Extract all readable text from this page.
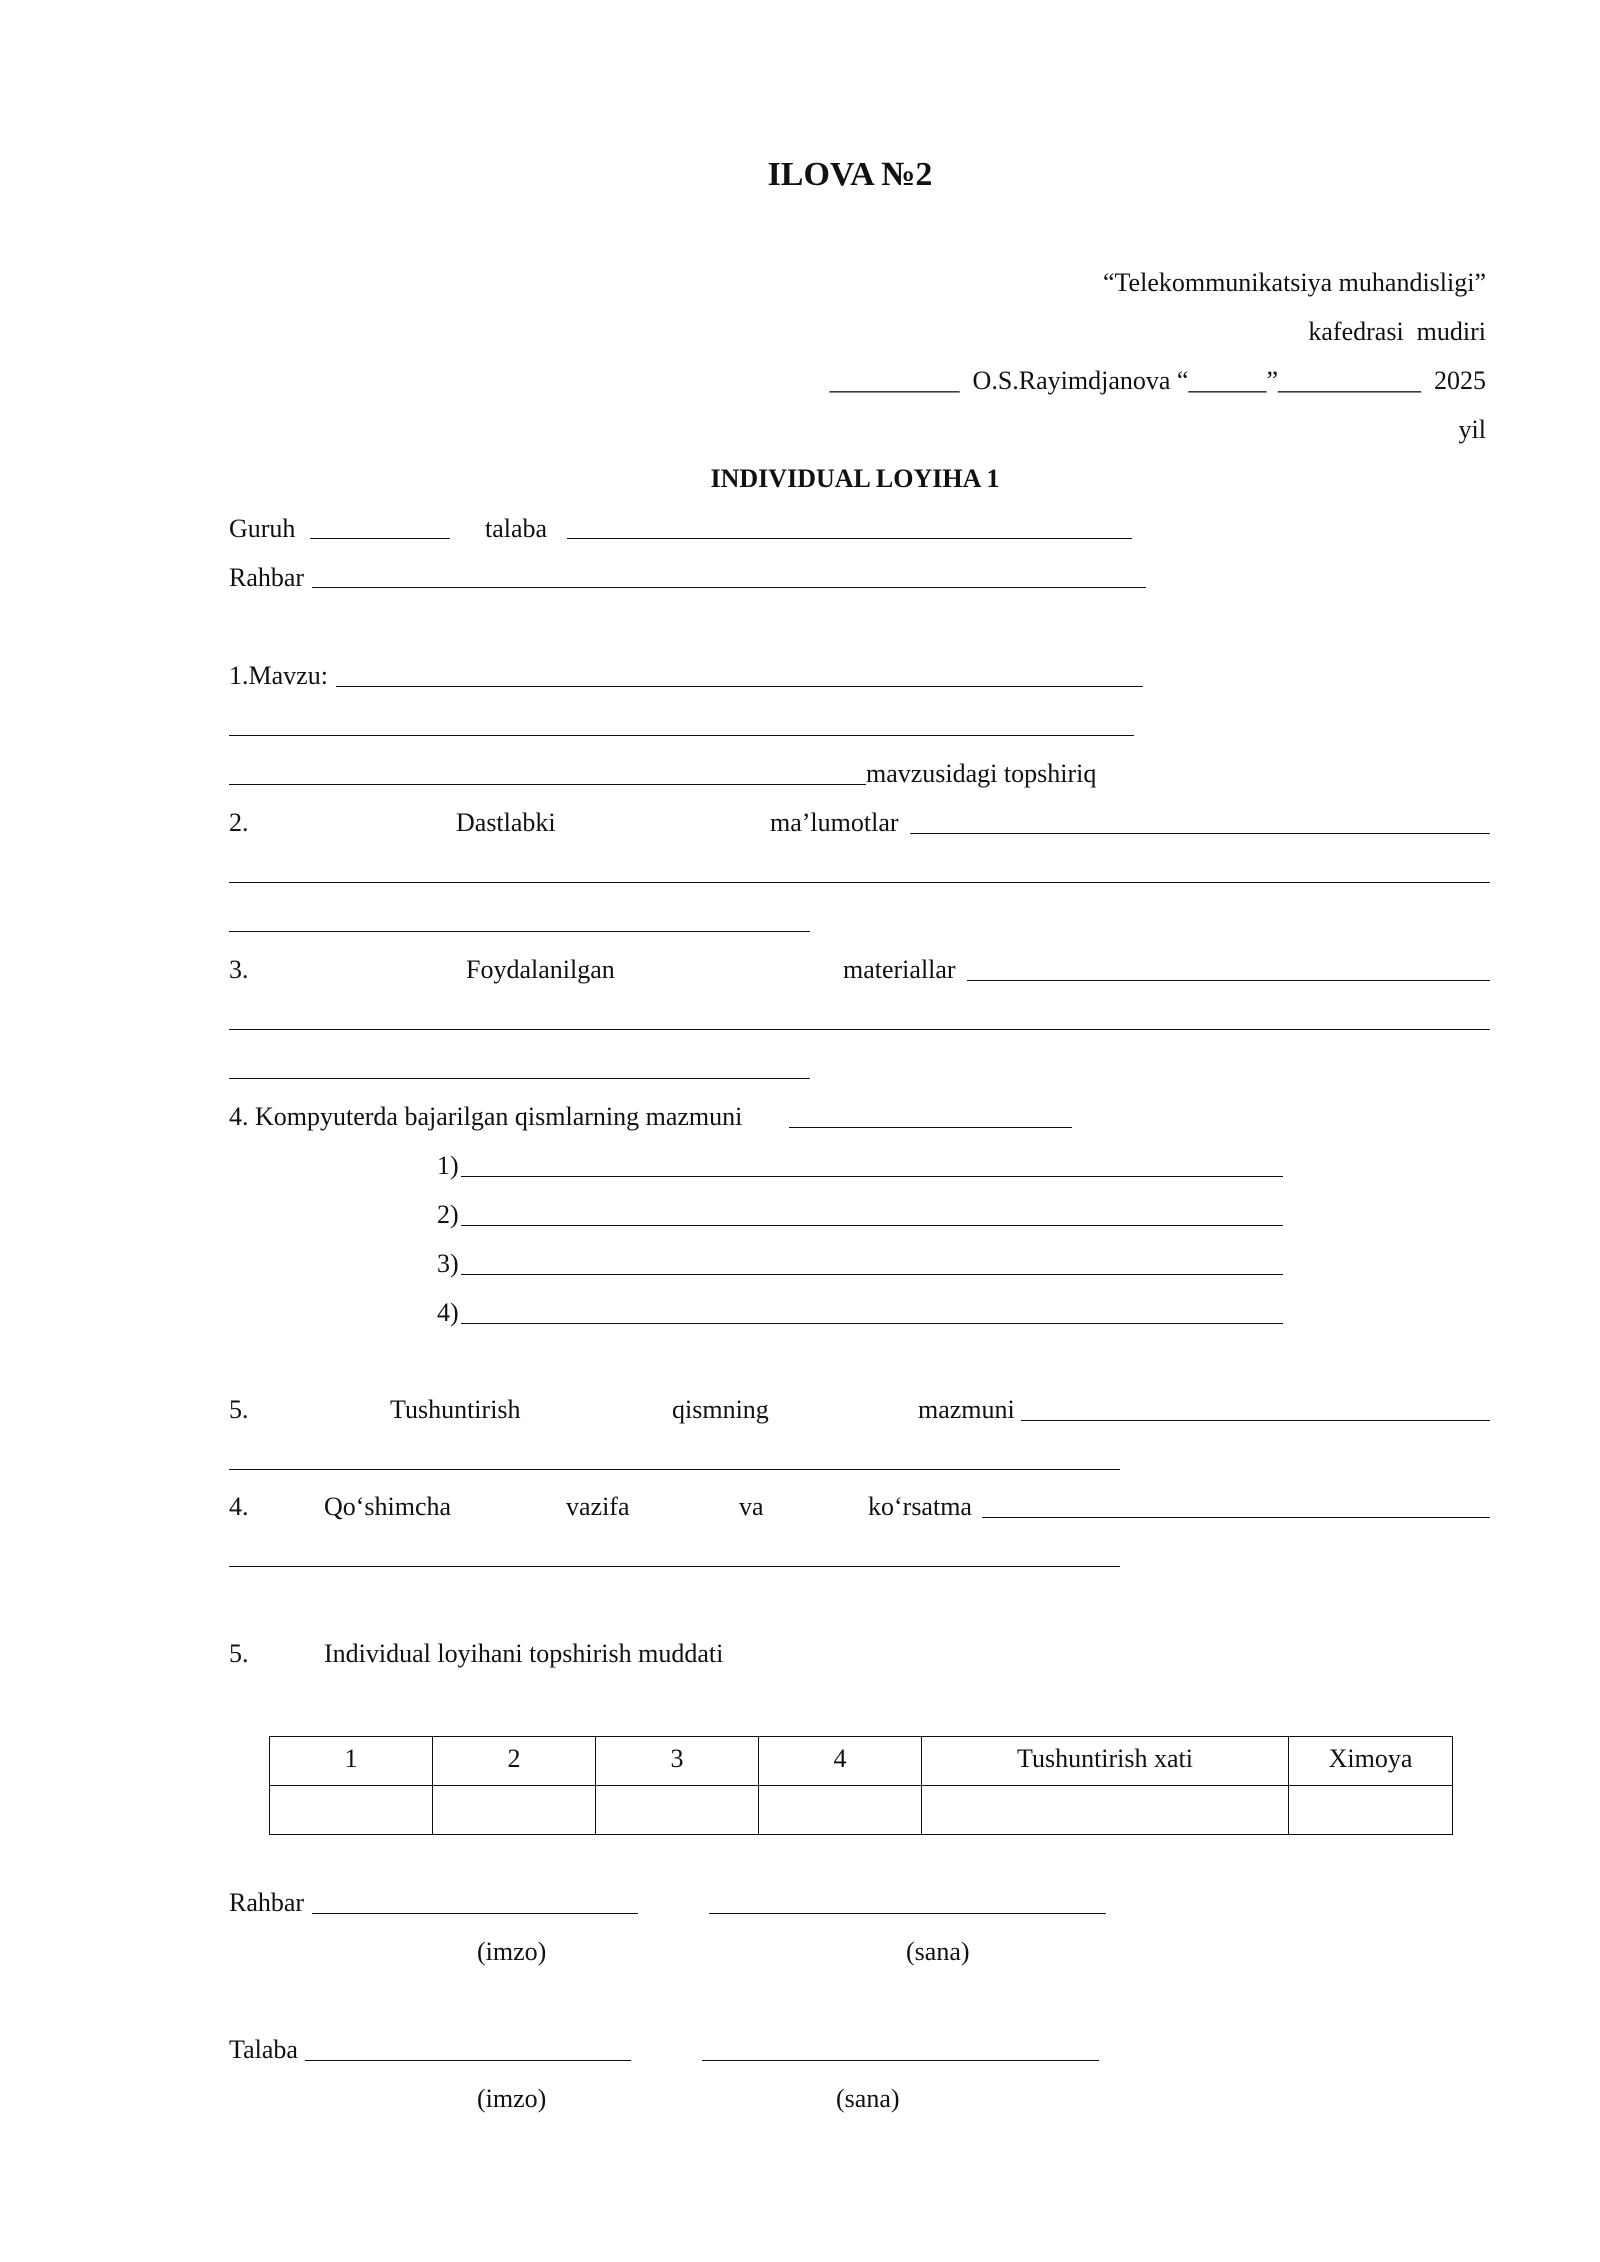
ILOVA №2
“Telekommunikatsiya muhandisligi”
kafedrasi  mudiri
__________  O.S.Rayimdjanova “______”___________  2025
yil
INDIVIDUAL LOYIHA 1
Guruh	talaba
Rahbar
1.Mavzu:
mavzusidagi topshiriq
2.	Dastlabki	ma’lumotlar
3.	Foydalanilgan	materiallar
4. Kompyuterda bajarilgan qismlarning mazmuni
1)
2)
3)
4)
5.	Tushuntirish	qismning	mazmuni
4.	Qo‘shimcha	vazifa	va	ko‘rsatma
5.	Individual loyihani topshirish muddati
1	2	3	4	Tushuntirish xati	Ximoya

Rahbar
(imzo)	(sana)
Talaba
(imzo)	(sana)
